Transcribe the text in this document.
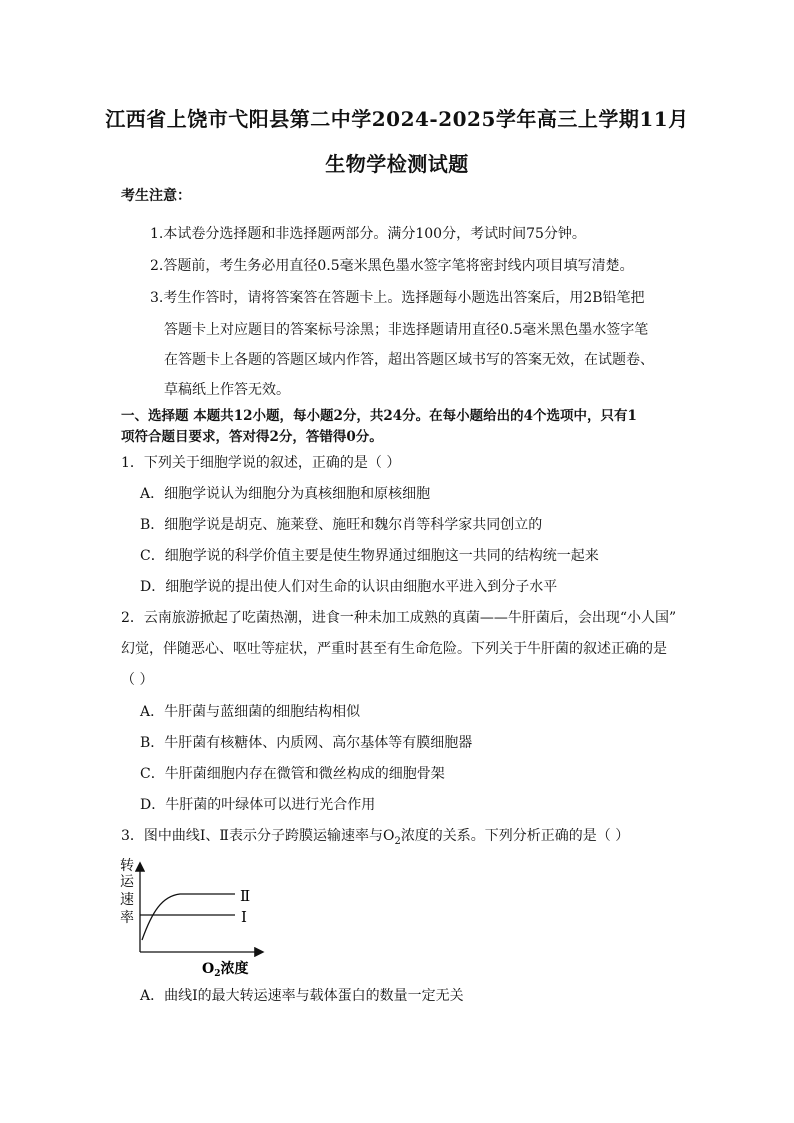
江西省上饶市弋阳县第二中学2024-2025学年高三上学期11月
生物学检测试题
考生注意：
1.本试卷分选择题和非选择题两部分。满分100分，考试时间75分钟。
2.答题前，考生务必用直径0.5毫米黑色墨水签字笔将密封线内项目填写清楚。
3.考生作答时，请将答案答在答题卡上。选择题每小题选出答案后，用2B铅笔把
答题卡上对应题目的答案标号涂黑；非选择题请用直径0.5毫米黑色墨水签字笔
在答题卡上各题的答题区域内作答，超出答题区域书写的答案无效，在试题卷、
草稿纸上作答无效。
一、选择题 本题共12小题，每小题2分，共24分。在每小题给出的4个选项中，只有1
项符合题目要求，答对得2分，答错得0分。
1．下列关于细胞学说的叙述，正确的是（ ）
A．细胞学说认为细胞分为真核细胞和原核细胞
B．细胞学说是胡克、施莱登、施旺和魏尔肖等科学家共同创立的
C．细胞学说的科学价值主要是使生物界通过细胞这一共同的结构统一起来
D．细胞学说的提出使人们对生命的认识由细胞水平进入到分子水平
2．云南旅游掀起了吃菌热潮，进食一种未加工成熟的真菌——牛肝菌后，会出现“小人国”
幻觉，伴随恶心、呕吐等症状，严重时甚至有生命危险。下列关于牛肝菌的叙述正确的是
（ ）
A．牛肝菌与蓝细菌的细胞结构相似
B．牛肝菌有核糖体、内质网、高尔基体等有膜细胞器
C．牛肝菌细胞内存在微管和微丝构成的细胞骨架
D．牛肝菌的叶绿体可以进行光合作用
3．图中曲线Ⅰ、Ⅱ表示分子跨膜运输速率与$O_2$浓度的关系。下列分析正确的是（ ）
转
运
速
率
Ⅱ
Ⅰ
$O_2$浓度
A．曲线Ⅰ的最大转运速率与载体蛋白的数量一定无关
